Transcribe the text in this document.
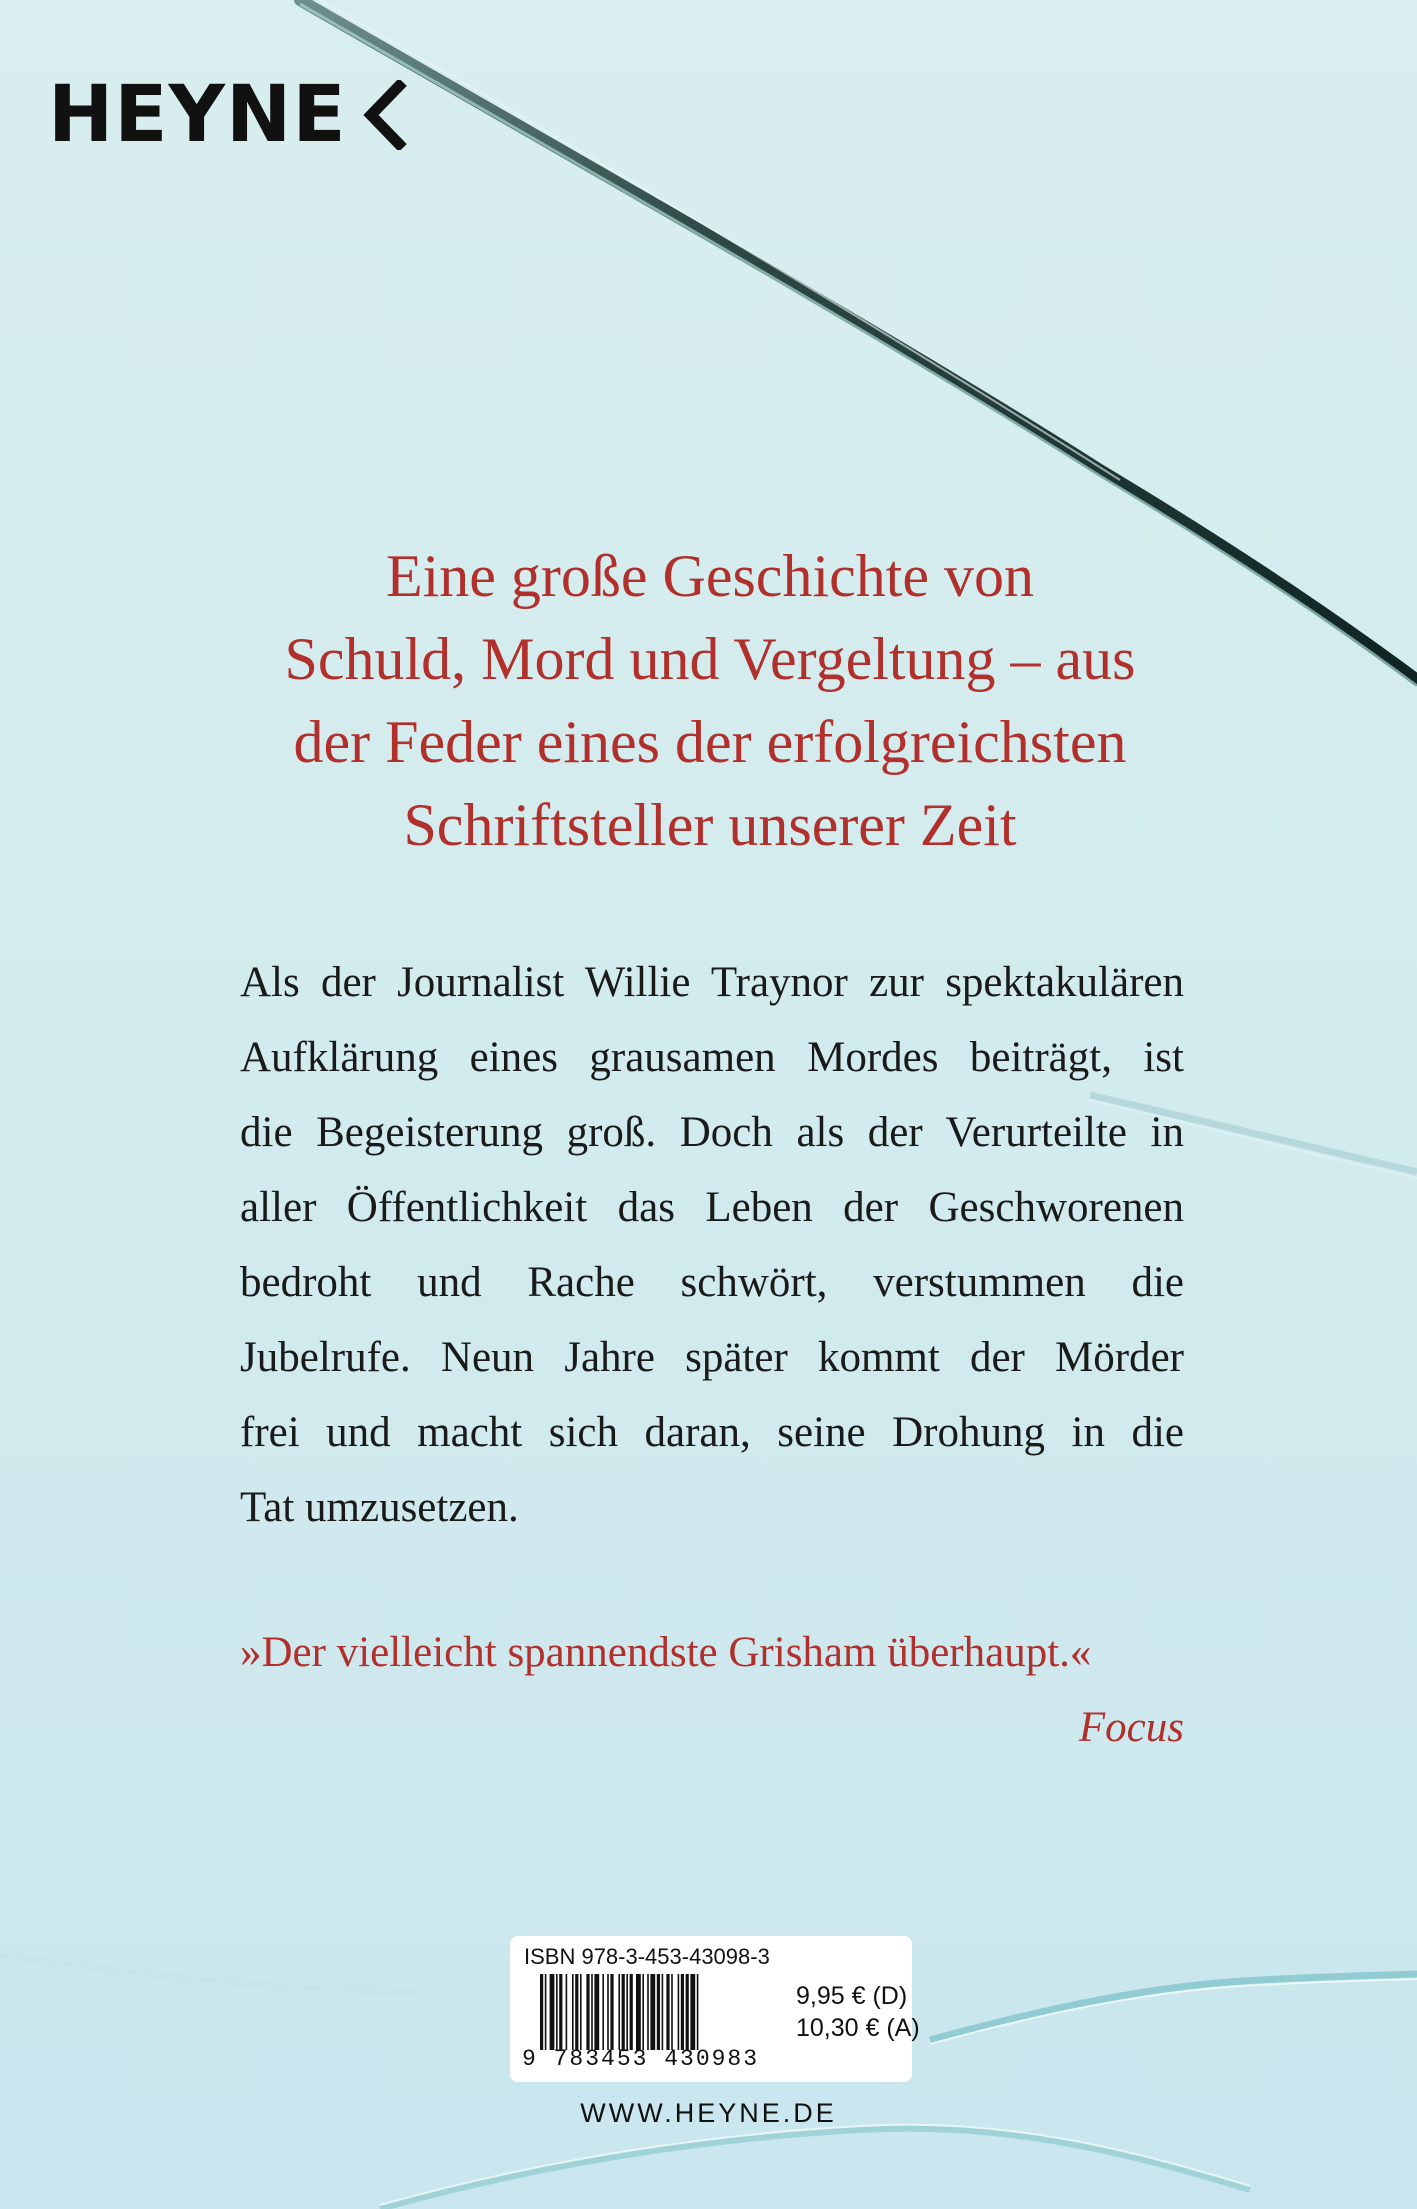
HEYNE
Eine große Geschichte von
Schuld, Mord und Vergeltung – aus
der Feder eines der erfolgreichsten
Schriftsteller unserer Zeit
Als der Journalist Willie Traynor zur spektakulären
Aufklärung eines grausamen Mordes beiträgt, ist
die Begeisterung groß. Doch als der Verurteilte in
aller Öffentlichkeit das Leben der Geschworenen
bedroht und Rache schwört, verstummen die
Jubelrufe. Neun Jahre später kommt der Mörder
frei und macht sich daran, seine Drohung in die
Tat umzusetzen.
»Der vielleicht spannendste Grisham überhaupt.«
Focus
ISBN 978-3-453-43098-3
9 783453 430983
9,95 € (D)
10,30 € (A)
WWW.HEYNE.DE
